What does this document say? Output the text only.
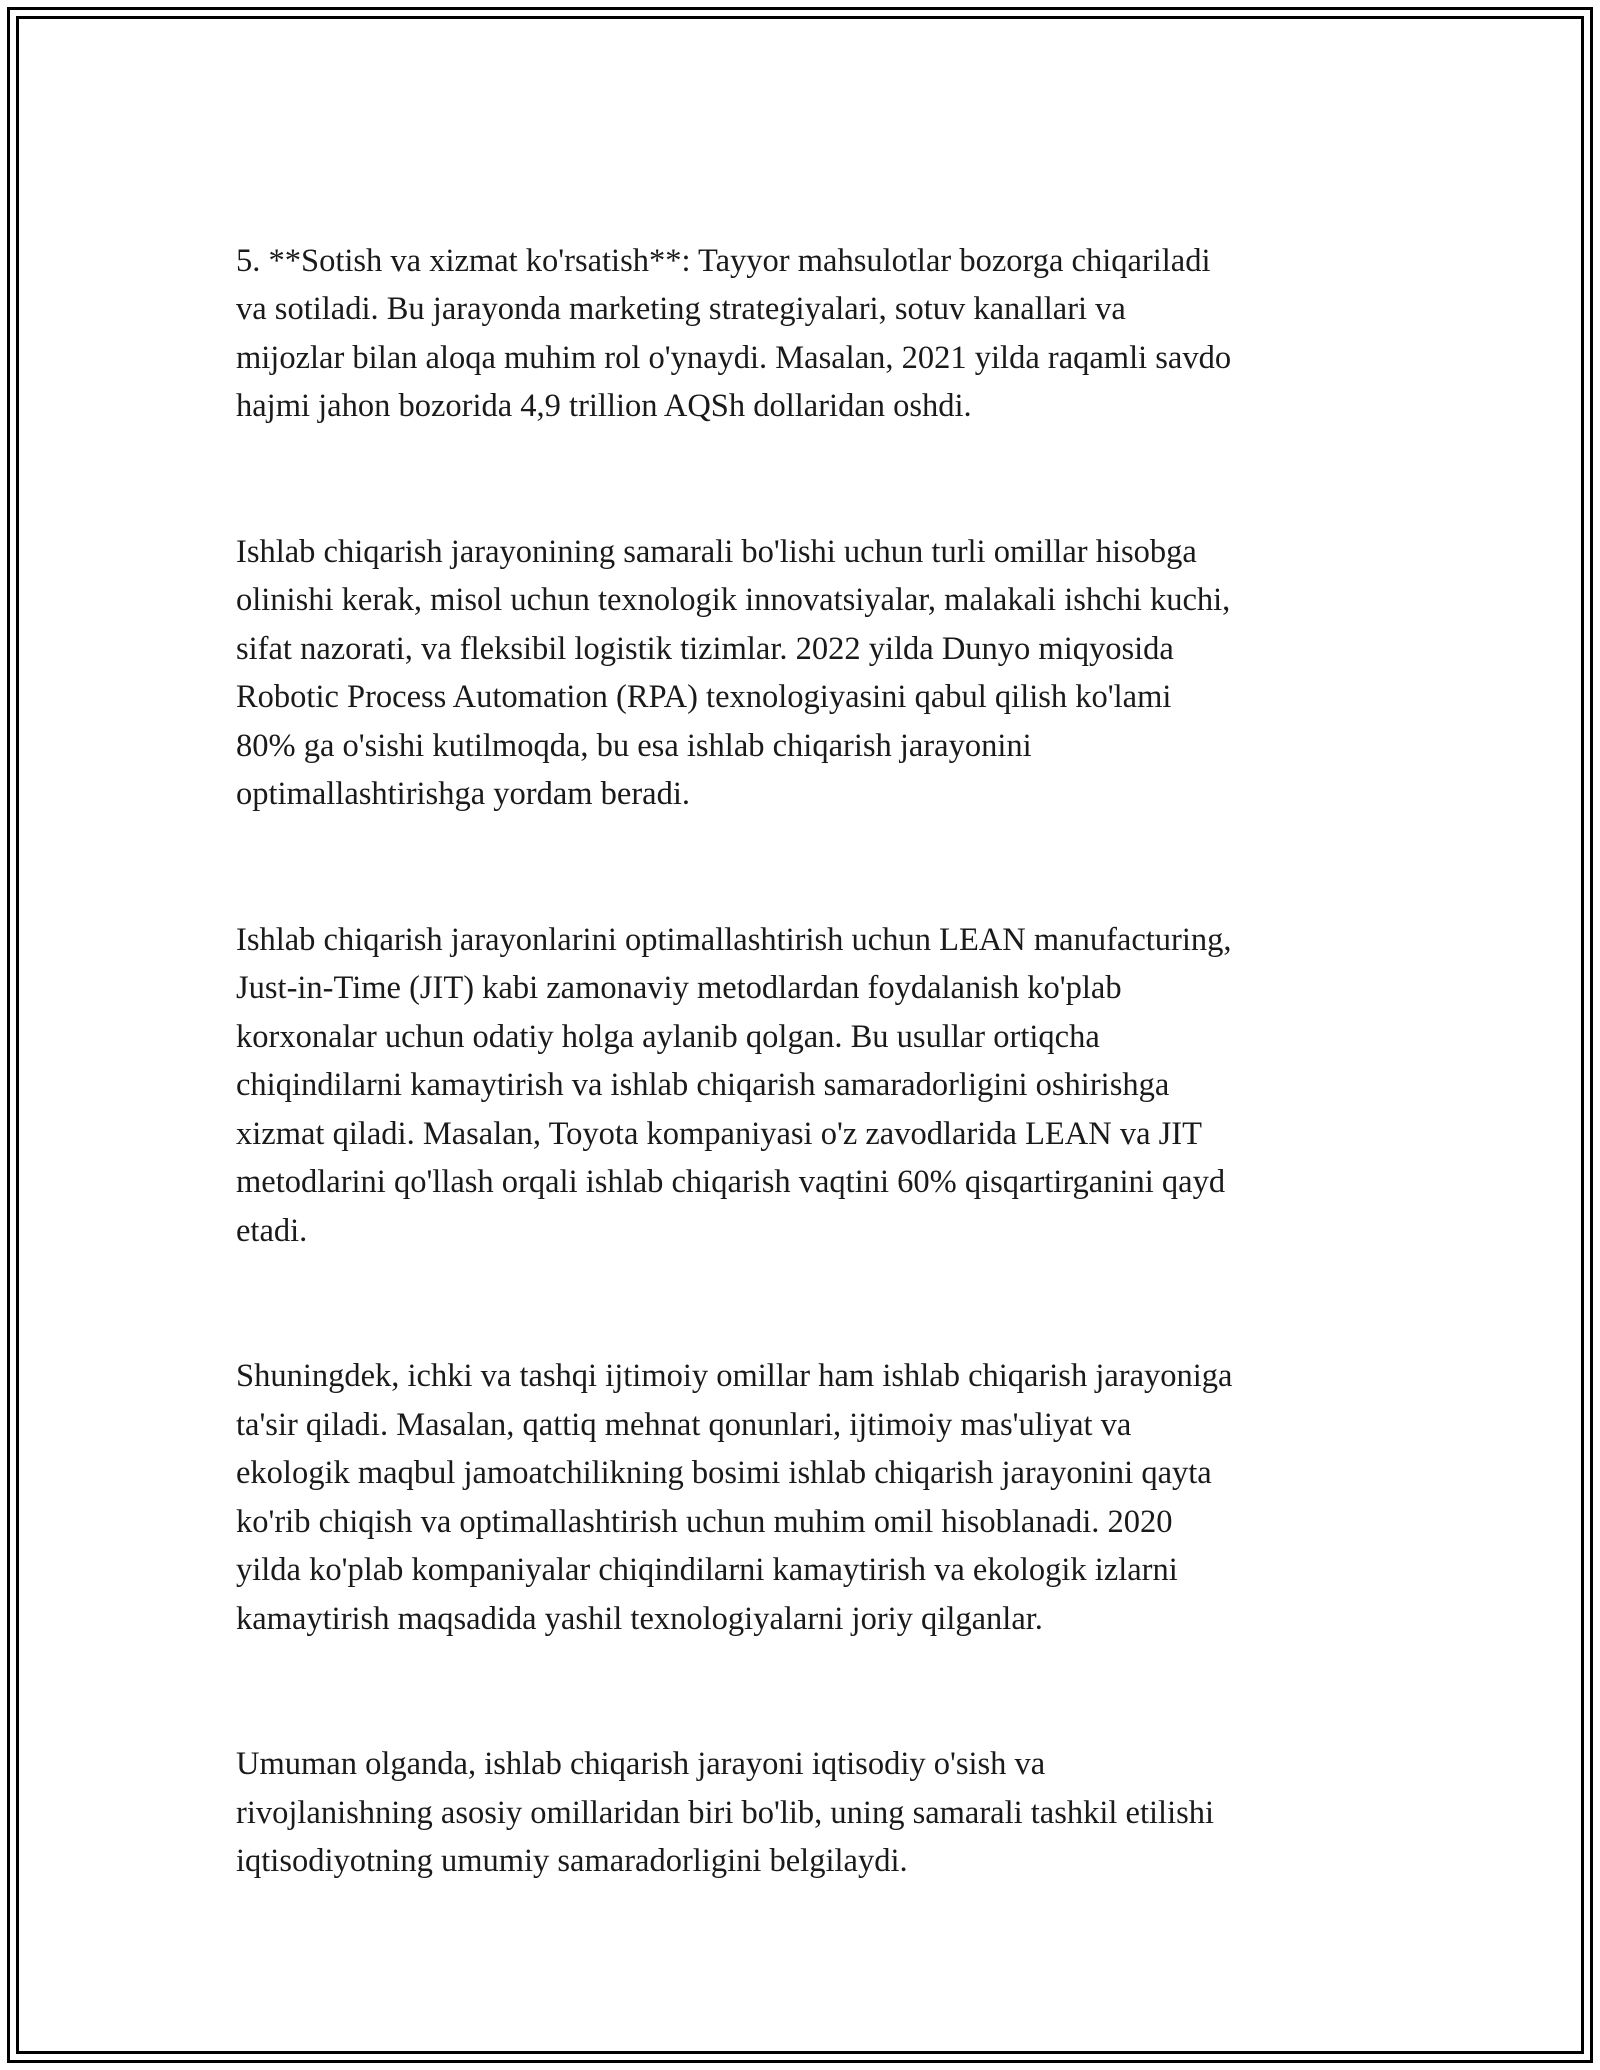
5. **Sotish va xizmat ko'rsatish**: Tayyor mahsulotlar bozorga chiqariladi
va sotiladi. Bu jarayonda marketing strategiyalari, sotuv kanallari va
mijozlar bilan aloqa muhim rol o'ynaydi. Masalan, 2021 yilda raqamli savdo
hajmi jahon bozorida 4,9 trillion AQSh dollaridan oshdi.

Ishlab chiqarish jarayonining samarali bo'lishi uchun turli omillar hisobga
olinishi kerak, misol uchun texnologik innovatsiyalar, malakali ishchi kuchi,
sifat nazorati, va fleksibil logistik tizimlar. 2022 yilda Dunyo miqyosida
Robotic Process Automation (RPA) texnologiyasini qabul qilish ko'lami
80% ga o'sishi kutilmoqda, bu esa ishlab chiqarish jarayonini
optimallashtirishga yordam beradi.

Ishlab chiqarish jarayonlarini optimallashtirish uchun LEAN manufacturing,
Just-in-Time (JIT) kabi zamonaviy metodlardan foydalanish ko'plab
korxonalar uchun odatiy holga aylanib qolgan. Bu usullar ortiqcha
chiqindilarni kamaytirish va ishlab chiqarish samaradorligini oshirishga
xizmat qiladi. Masalan, Toyota kompaniyasi o'z zavodlarida LEAN va JIT
metodlarini qo'llash orqali ishlab chiqarish vaqtini 60% qisqartirganini qayd
etadi.

Shuningdek, ichki va tashqi ijtimoiy omillar ham ishlab chiqarish jarayoniga
ta'sir qiladi. Masalan, qattiq mehnat qonunlari, ijtimoiy mas'uliyat va
ekologik maqbul jamoatchilikning bosimi ishlab chiqarish jarayonini qayta
ko'rib chiqish va optimallashtirish uchun muhim omil hisoblanadi. 2020
yilda ko'plab kompaniyalar chiqindilarni kamaytirish va ekologik izlarni
kamaytirish maqsadida yashil texnologiyalarni joriy qilganlar.

Umuman olganda, ishlab chiqarish jarayoni iqtisodiy o'sish va
rivojlanishning asosiy omillaridan biri bo'lib, uning samarali tashkil etilishi
iqtisodiyotning umumiy samaradorligini belgilaydi.
